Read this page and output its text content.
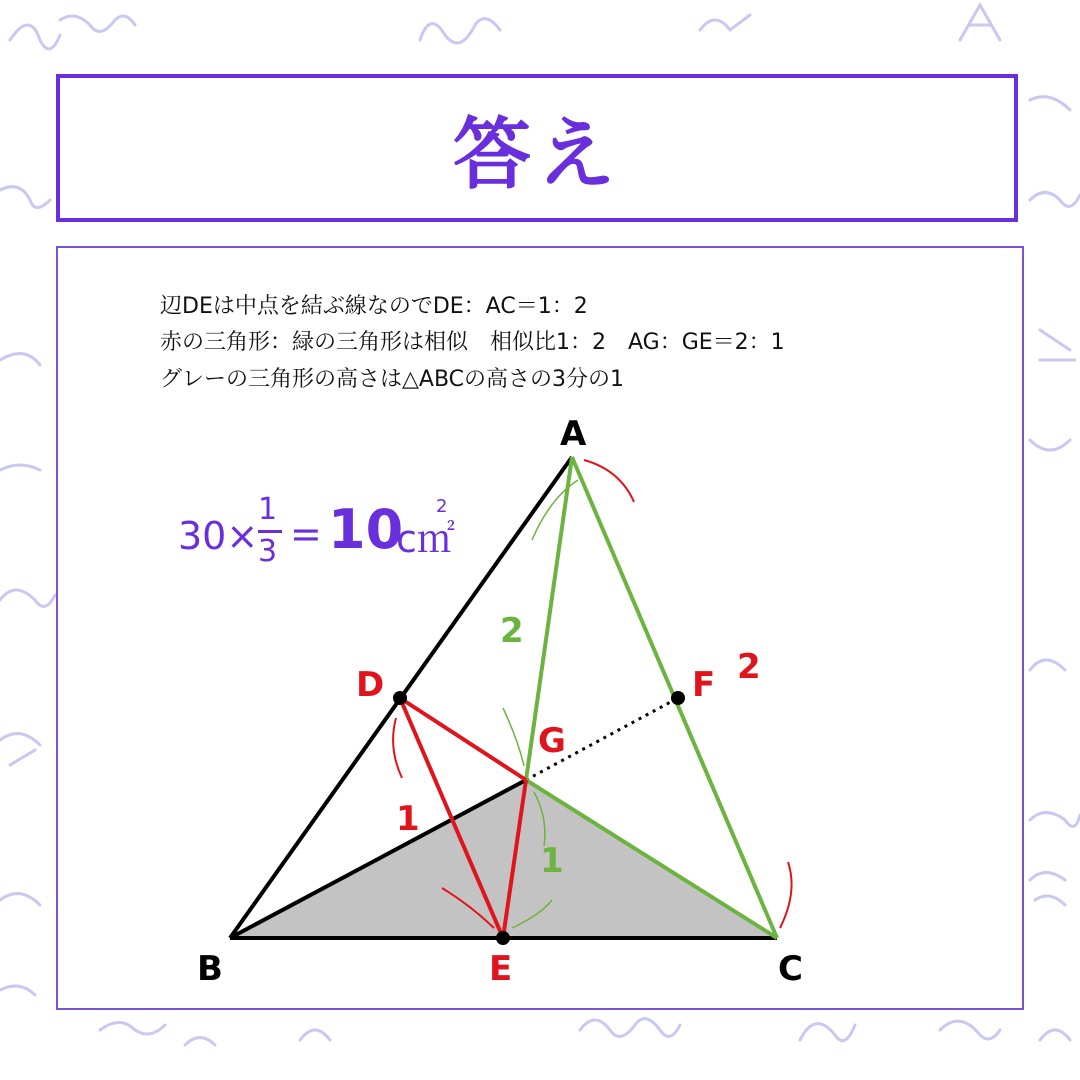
答え
辺DEは中点を結ぶ線なのでDE：AC＝1：2
赤の三角形：緑の三角形は相似　相似比1：2　AG：GE＝2：1
グレーの三角形の高さは△ABCの高さの3分の1
30×
1
3 = 10
c㎡
2
A
B	C
D
E
F
G
2
1
1
2
